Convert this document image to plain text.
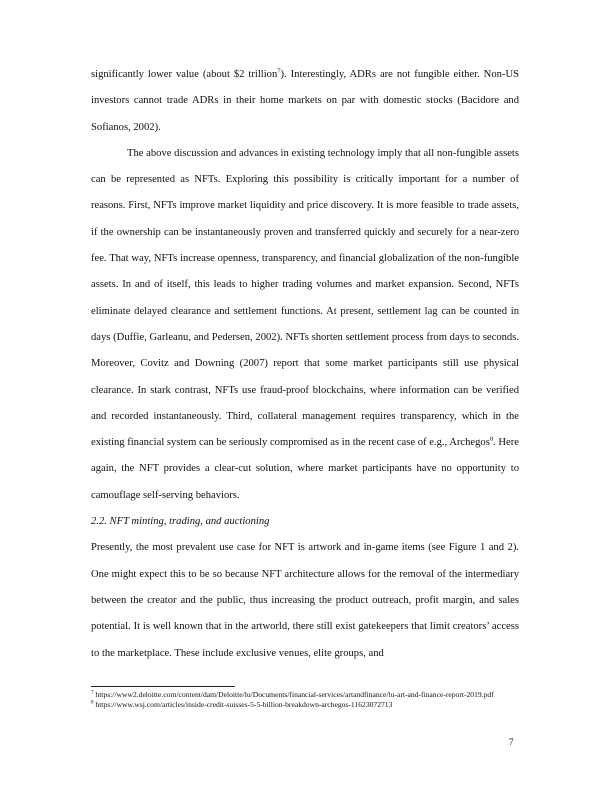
significantly lower value (about $2 trillion$^7$). Interestingly, ADRs are not fungible either. Non-US investors cannot trade ADRs in their home markets on par with domestic stocks (Bacidore and Sofianos, 2002).

The above discussion and advances in existing technology imply that all non-fungible assets can be represented as NFTs. Exploring this possibility is critically important for a number of reasons. First, NFTs improve market liquidity and price discovery. It is more feasible to trade assets, if the ownership can be instantaneously proven and transferred quickly and securely for a near-zero fee. That way, NFTs increase openness, transparency, and financial globalization of the non-fungible assets. In and of itself, this leads to higher trading volumes and market expansion. Second, NFTs eliminate delayed clearance and settlement functions. At present, settlement lag can be counted in days (Duffie, Garleanu, and Pedersen, 2002). NFTs shorten settlement process from days to seconds. Moreover, Covitz and Downing (2007) report that some market participants still use physical clearance. In stark contrast, NFTs use fraud-proof blockchains, where information can be verified and recorded instantaneously. Third, collateral management requires transparency, which in the existing financial system can be seriously compromised as in the recent case of e.g., Archegos$^8$. Here again, the NFT provides a clear-cut solution, where market participants have no opportunity to camouflage self-serving behaviors.

2.2. NFT minting, trading, and auctioning

Presently, the most prevalent use case for NFT is artwork and in-game items (see Figure 1 and 2). One might expect this to be so because NFT architecture allows for the removal of the intermediary between the creator and the public, thus increasing the product outreach, profit margin, and sales potential. It is well known that in the artworld, there still exist gatekeepers that limit creators’ access to the marketplace. These include exclusive venues, elite groups, and

$^7$ https://www2.deloitte.com/content/dam/Deloitte/lu/Documents/financial-services/artandfinance/lu-art-and-finance-report-2019.pdf

$^8$ https://www.wsj.com/articles/inside-credit-suisses-5-5-billion-breakdown-archegos-11623072713

7
